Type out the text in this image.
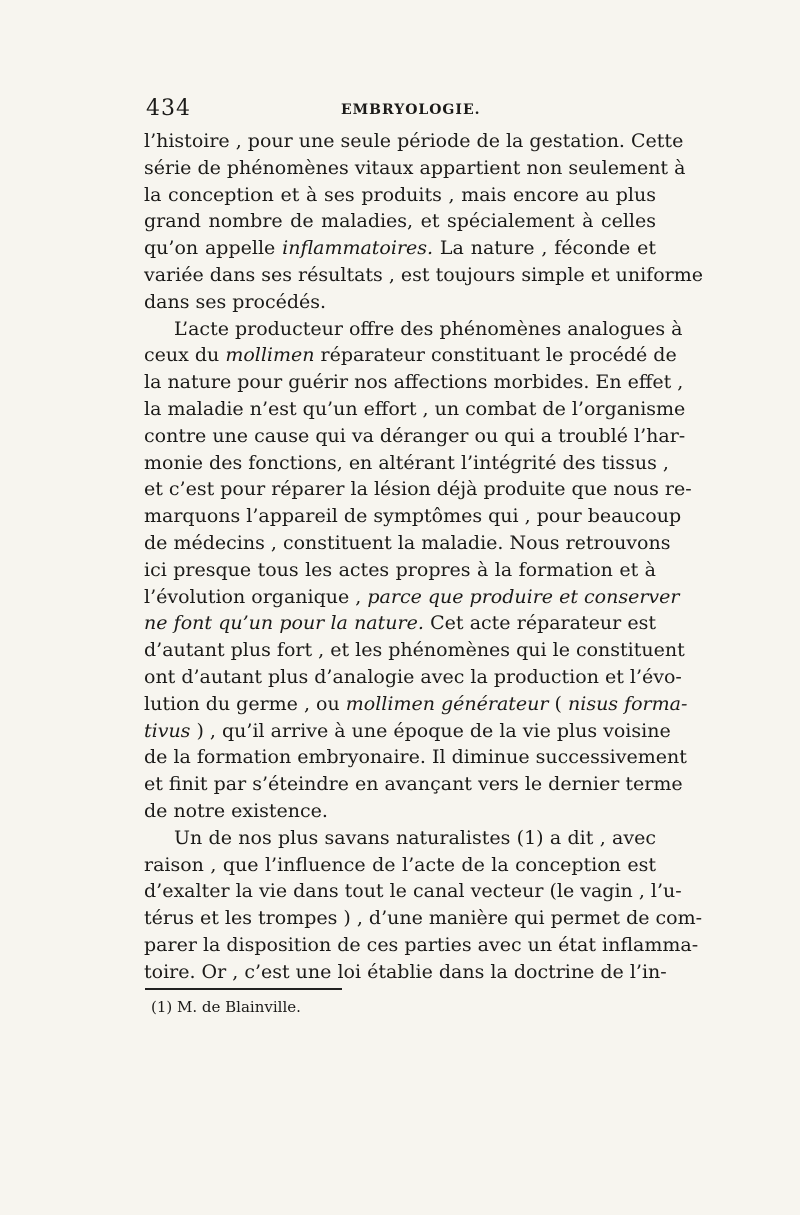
434	EMBRYOLOGIE.
l’histoire , pour une seule période de la gestation. Cette
série de phénomènes vitaux appartient non seulement à
la conception et à ses produits , mais encore au plus
grand nombre de maladies, et spécialement à celles
qu’on appelle inflammatoires. La nature , féconde et
variée dans ses résultats , est toujours simple et uniforme
dans ses procédés.
L’acte producteur offre des phénomènes analogues à
ceux du mollimen réparateur constituant le procédé de
la nature pour guérir nos affections morbides. En effet ,
la maladie n’est qu’un effort , un combat de l’organisme
contre une cause qui va déranger ou qui a troublé l’har-
monie des fonctions, en altérant l’intégrité des tissus ,
et c’est pour réparer la lésion déjà produite que nous re-
marquons l’appareil de symptômes qui , pour beaucoup
de médecins , constituent la maladie. Nous retrouvons
ici presque tous les actes propres à la formation et à
l’évolution organique , parce que produire et conserver
ne font qu’un pour la nature. Cet acte réparateur est
d’autant plus fort , et les phénomènes qui le constituent
ont d’autant plus d’analogie avec la production et l’évo-
lution du germe , ou mollimen générateur ( nisus forma-
tivus ) , qu’il arrive à une époque de la vie plus voisine
de la formation embryonaire. Il diminue successivement
et finit par s’éteindre en avançant vers le dernier terme
de notre existence.
Un de nos plus savans naturalistes (1) a dit , avec
raison , que l’influence de l’acte de la conception est
d’exalter la vie dans tout le canal vecteur (le vagin , l’u-
térus et les trompes ) , d’une manière qui permet de com-
parer la disposition de ces parties avec un état inflamma-
toire. Or , c’est une loi établie dans la doctrine de l’in-
(1) M. de Blainville.
